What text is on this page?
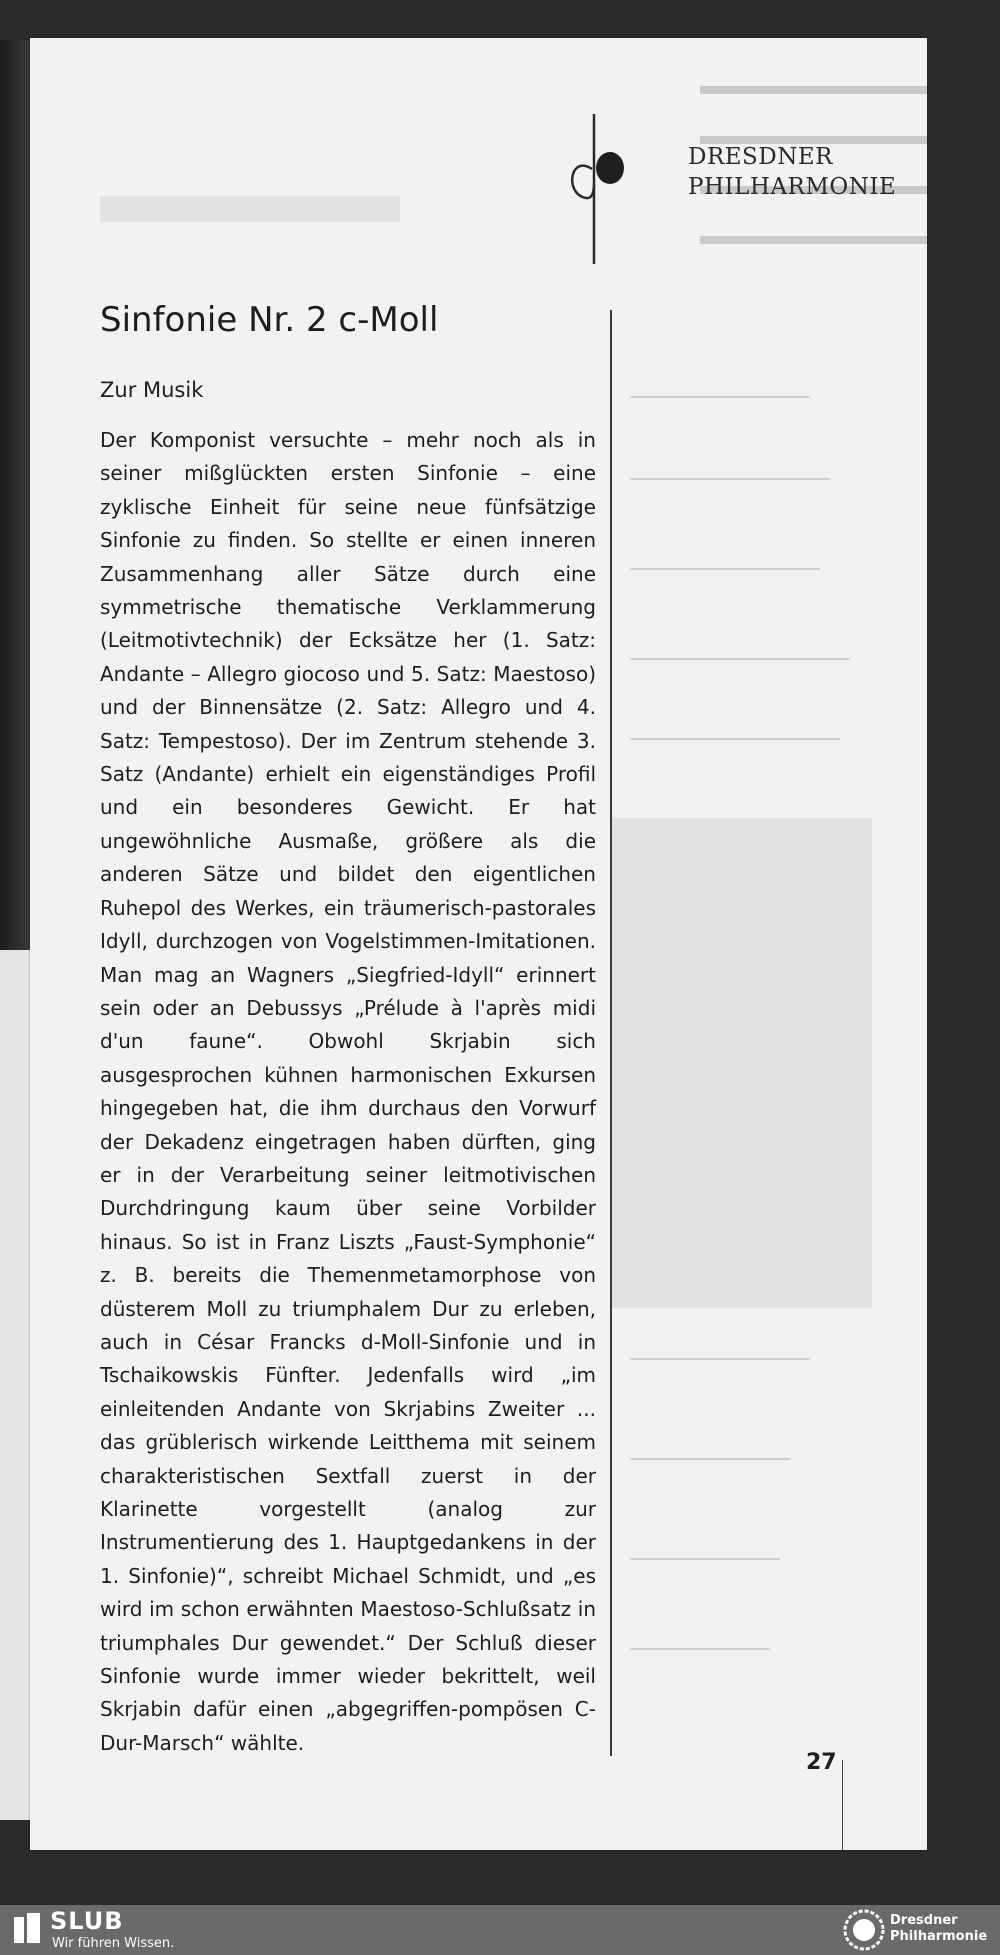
DRESDNER
PHILHARMONIE
Sinfonie Nr. 2 c-Moll
Zur Musik

Der Komponist versuchte – mehr noch als in seiner mißglückten ersten Sinfonie – eine zyklische Einheit für seine neue fünfsätzige Sinfonie zu finden. So stellte er einen inneren Zusammenhang aller Sätze durch eine symmetrische thematische Verklammerung (Leitmotivtechnik) der Ecksätze her (1. Satz: Andante – Allegro giocoso und 5. Satz: Maestoso) und der Binnensätze (2. Satz: Allegro und 4. Satz: Tempestoso). Der im Zentrum stehende 3. Satz (Andante) erhielt ein eigenständiges Profil und ein besonderes Gewicht. Er hat ungewöhnliche Ausmaße, größere als die anderen Sätze und bildet den eigentlichen Ruhepol des Werkes, ein träumerisch-pastorales Idyll, durchzogen von Vogelstimmen-Imitationen. Man mag an Wagners „Siegfried-Idyll“ erinnert sein oder an Debussys „Prélude à l'après midi d'un faune“. Obwohl Skrjabin sich ausgesprochen kühnen harmonischen Exkursen hingegeben hat, die ihm durchaus den Vorwurf der Dekadenz eingetragen haben dürften, ging er in der Verarbeitung seiner leitmotivischen Durchdringung kaum über seine Vorbilder hinaus. So ist in Franz Liszts „Faust-Symphonie“ z. B. bereits die Themenmetamorphose von düsterem Moll zu triumphalem Dur zu erleben, auch in César Francks d-Moll-Sinfonie und in Tschaikowskis Fünfter. Jedenfalls wird „im einleitenden Andante von Skrjabins Zweiter ... das grüblerisch wirkende Leitthema mit seinem charakteristischen Sextfall zuerst in der Klarinette vorgestellt (analog zur Instrumentierung des 1. Hauptgedankens in der 1. Sinfonie)“, schreibt Michael Schmidt, und „es wird im schon erwähnten Maestoso-Schlußsatz in triumphales Dur gewendet.“ Der Schluß dieser Sinfonie wurde immer wieder bekrittelt, weil Skrjabin dafür einen „abgegriffen-pompösen C-Dur-Marsch“ wählte.

27
SLUB
Wir führen Wissen.
Dresdner
Philharmonie
